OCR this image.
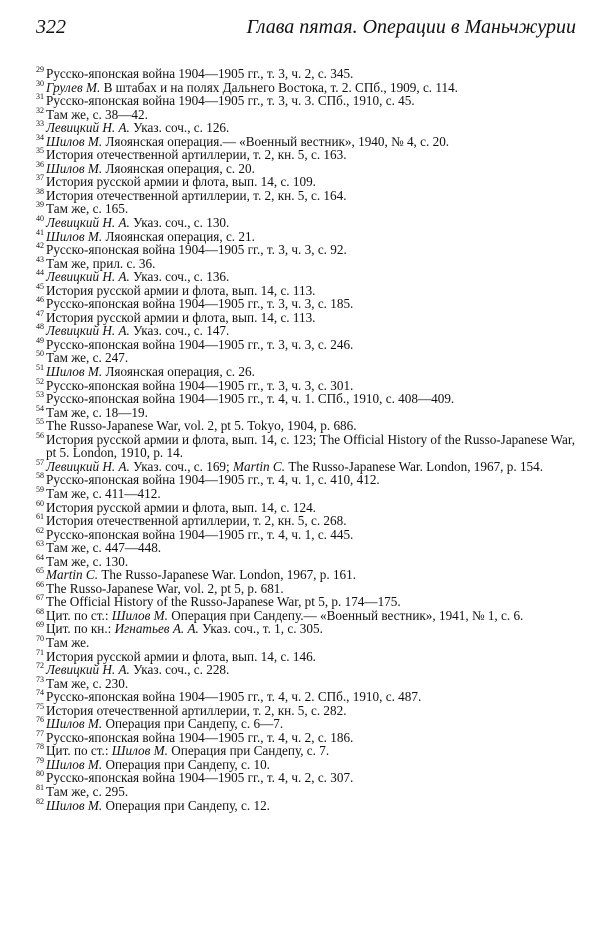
322	Глава пятая. Операции в Маньчжурии
29 Русско-японская война 1904—1905 гг., т. 3, ч. 2, с. 345.
30 Грулев М. В штабах и на полях Дальнего Востока, т. 2. СПб., 1909, с. 114.
31 Русско-японская война 1904—1905 гг., т. 3, ч. 3. СПб., 1910, с. 45.
32 Там же, с. 38—42.
33 Левицкий Н. А. Указ. соч., с. 126.
34 Шилов М. Ляоянская операция.— «Военный вестник», 1940, № 4, с. 20.
35 История отечественной артиллерии, т. 2, кн. 5, с. 163.
36 Шилов М. Ляоянская операция, с. 20.
37 История русской армии и флота, вып. 14, с. 109.
38 История отечественной артиллерии, т. 2, кн. 5, с. 164.
39 Там же, с. 165.
40 Левицкий Н. А. Указ. соч., с. 130.
41 Шилов М. Ляоянская операция, с. 21.
42 Русско-японская война 1904—1905 гг., т. 3, ч. 3, с. 92.
43 Там же, прил. с. 36.
44 Левицкий Н. А. Указ. соч., с. 136.
45 История русской армии и флота, вып. 14, с. 113.
46 Русско-японская война 1904—1905 гг., т. 3, ч. 3, с. 185.
47 История русской армии и флота, вып. 14, с. 113.
48 Левицкий Н. А. Указ. соч., с. 147.
49 Русско-японская война 1904—1905 гг., т. 3, ч. 3, с. 246.
50 Там же, с. 247.
51 Шилов М. Ляоянская операция, с. 26.
52 Русско-японская война 1904—1905 гг., т. 3, ч. 3, с. 301.
53 Русско-японская война 1904—1905 гг., т. 4, ч. 1. СПб., 1910, с. 408—409.
54 Там же, с. 18—19.
55 The Russo-Japanese War, vol. 2, pt 5. Tokyo, 1904, p. 686.
56 История русской армии и флота, вып. 14, с. 123; The Official History of the Russo-Japanese War, pt 5. London, 1910, p. 14.
57 Левицкий Н. А. Указ. соч., с. 169; Martin С. The Russo-Japanese War. London, 1967, p. 154.
58 Русско-японская война 1904—1905 гг., т. 4, ч. 1, с. 410, 412.
59 Там же, с. 411—412.
60 История русской армии и флота, вып. 14, с. 124.
61 История отечественной артиллерии, т. 2, кн. 5, с. 268.
62 Русско-японская война 1904—1905 гг., т. 4, ч. 1, с. 445.
63 Там же, с. 447—448.
64 Там же, с. 130.
65 Martin С. The Russo-Japanese War. London, 1967, p. 161.
66 The Russo-Japanese War, vol. 2, pt 5, p. 681.
67 The Official History of the Russo-Japanese War, pt 5, p. 174—175.
68 Цит. по ст.: Шилов М. Операция при Сандепу.— «Военный вестник», 1941, № 1, с. 6.
69 Цит. по кн.: Игнатьев А. А. Указ. соч., т. 1, с. 305.
70 Там же.
71 История русской армии и флота, вып. 14, с. 146.
72 Левицкий Н. А. Указ. соч., с. 228.
73 Там же, с. 230.
74 Русско-японская война 1904—1905 гг., т. 4, ч. 2. СПб., 1910, с. 487.
75 История отечественной артиллерии, т. 2, кн. 5, с. 282.
76 Шилов М. Операция при Сандепу, с. 6—7.
77 Русско-японская война 1904—1905 гг., т. 4, ч. 2, с. 186.
78 Цит. по ст.: Шилов М. Операция при Сандепу, с. 7.
79 Шилов М. Операция при Сандепу, с. 10.
80 Русско-японская война 1904—1905 гг., т. 4, ч. 2, с. 307.
81 Там же, с. 295.
82 Шилов М. Операция при Сандепу, с. 12.
